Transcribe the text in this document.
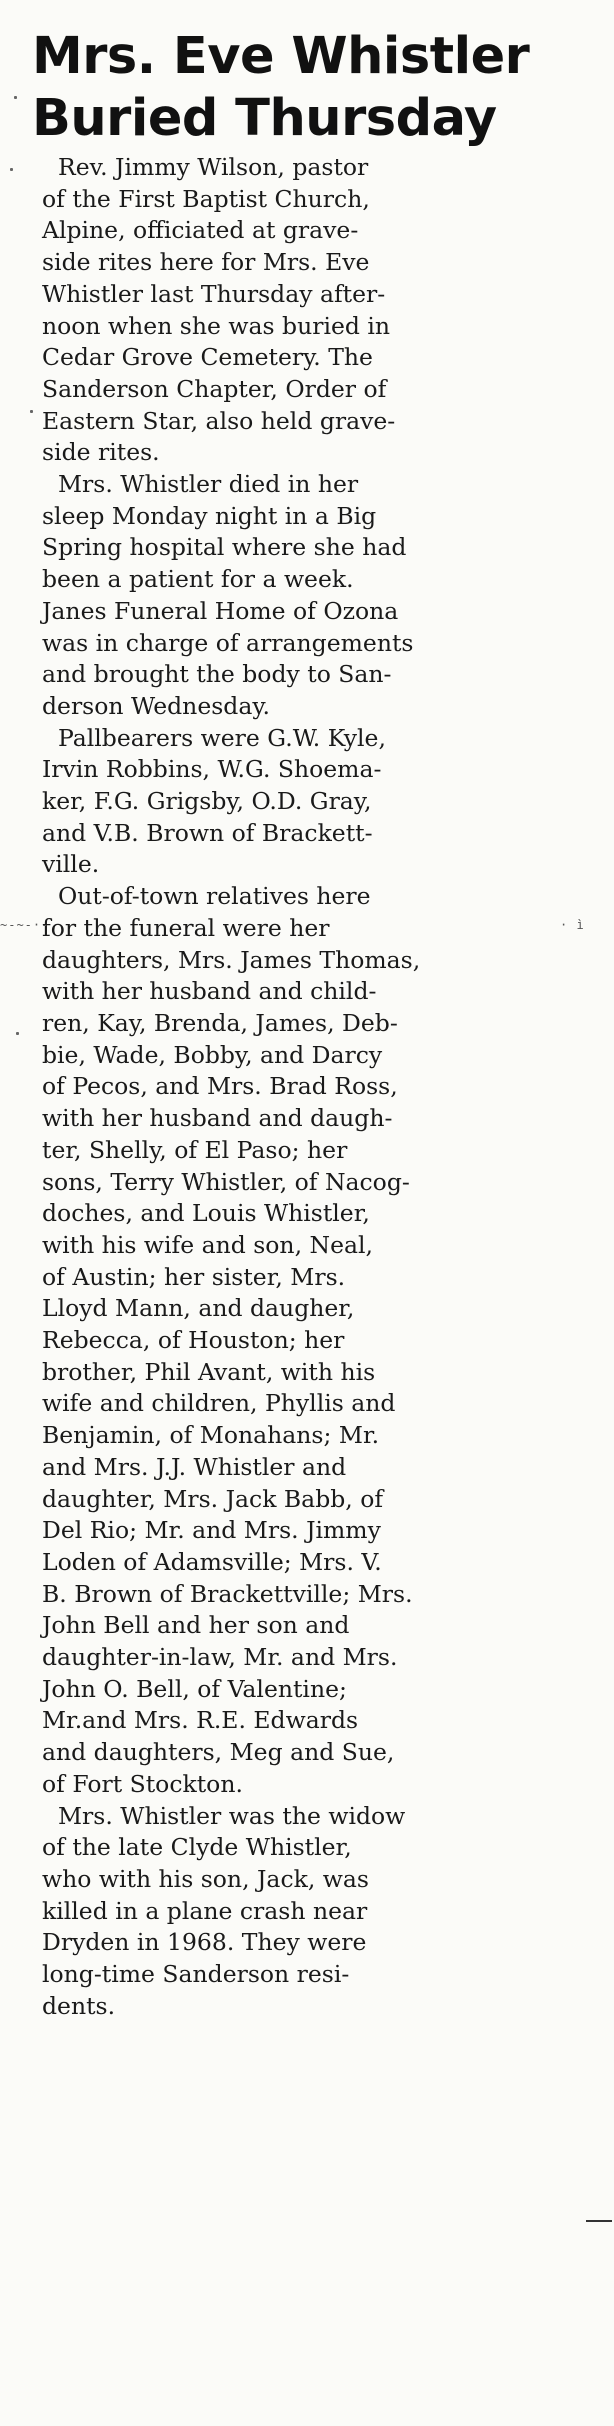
Mrs. Eve Whistler
Buried Thursday

Rev. Jimmy Wilson, pastor
of the First Baptist Church,
Alpine, officiated at grave-
side rites here for Mrs. Eve
Whistler last Thursday after-
noon when she was buried in
Cedar Grove Cemetery. The
Sanderson Chapter, Order of
Eastern Star, also held grave-
side rites.

Mrs. Whistler died in her
sleep Monday night in a Big
Spring hospital where she had
been a patient for a week.
Janes Funeral Home of Ozona
was in charge of arrangements
and brought the body to San-
derson Wednesday.

Pallbearers were G.W. Kyle,
Irvin Robbins, W.G. Shoema-
ker, F.G. Grigsby, O.D. Gray,
and V.B. Brown of Brackett-
ville.

Out-of-town relatives here
for the funeral were her
daughters, Mrs. James Thomas,
with her husband and child-
ren, Kay, Brenda, James, Deb-
bie, Wade, Bobby, and Darcy
of Pecos, and Mrs. Brad Ross,
with her husband and daugh-
ter, Shelly, of El Paso; her
sons, Terry Whistler, of Nacog-
doches, and Louis Whistler,
with his wife and son, Neal,
of Austin; her sister, Mrs.
Lloyd Mann, and daugher,
Rebecca, of Houston; her
brother, Phil Avant, with his
wife and children, Phyllis and
Benjamin, of Monahans; Mr.
and Mrs. J.J. Whistler and
daughter, Mrs. Jack Babb, of
Del Rio; Mr. and Mrs. Jimmy
Loden of Adamsville; Mrs. V.
B. Brown of Brackettville; Mrs.
John Bell and her son and
daughter-in-law, Mr. and Mrs.
John O. Bell, of Valentine;
Mr.and Mrs. R.E. Edwards
and daughters, Meg and Sue,
of Fort Stockton.

Mrs. Whistler was the widow
of the late Clyde Whistler,
who with his son, Jack, was
killed in a plane crash near
Dryden in 1968. They were
long-time Sanderson resi-
dents.

~-~-·-	· ì
